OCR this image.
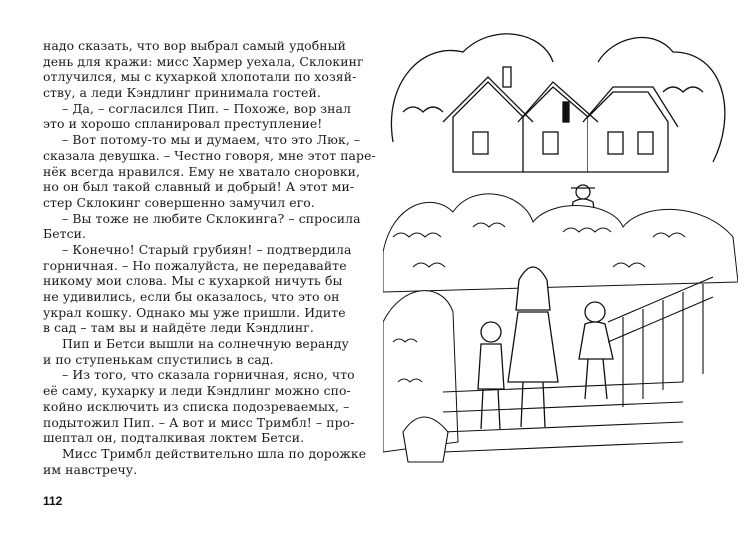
надо сказать, что вор выбрал самый удобный
день для кражи: мисс Хармер уехала, Склокинг
отлучился, мы с кухаркой хлопотали по хозяй-
ству, а леди Кэндлинг принимала гостей.
– Да, – согласился Пип. – Похоже, вор знал
это и хорошо спланировал преступление!
– Вот потому-то мы и думаем, что это Люк, –
сказала девушка. – Честно говоря, мне этот паре-
нёк всегда нравился. Ему не хватало сноровки,
но он был такой славный и добрый! А этот ми-
стер Склокинг совершенно замучил его.
– Вы тоже не любите Склокинга? – спросила
Бетси.
– Конечно! Старый грубиян! – подтвердила
горничная. – Но пожалуйста, не передавайте
никому мои слова. Мы с кухаркой ничуть бы
не удивились, если бы оказалось, что это он
украл кошку. Однако мы уже пришли. Идите
в сад – там вы и найдёте леди Кэндлинг.
Пип и Бетси вышли на солнечную веранду
и по ступенькам спустились в сад.
– Из того, что сказала горничная, ясно, что
её саму, кухарку и леди Кэндлинг можно спо-
койно исключить из списка подозреваемых, –
подытожил Пип. – А вот и мисс Тримбл! – про-
шептал он, подталкивая локтем Бетси.
Мисс Тримбл действительно шла по дорожке
им навстречу.
112
